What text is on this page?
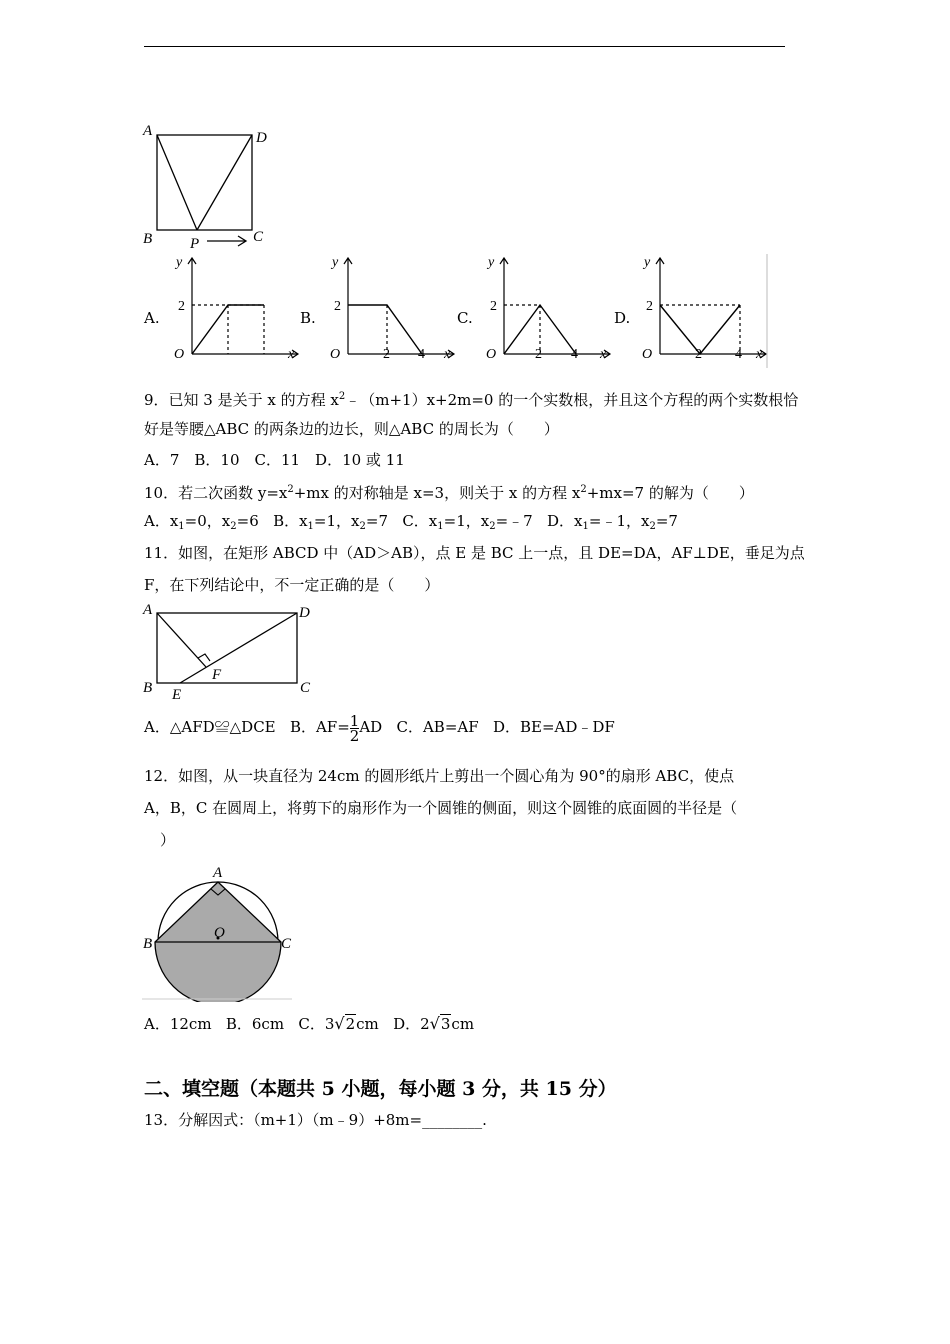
A	D
B	P	C
A.
y
2
O	x
B.
y
2
O	2 4 x
C.
y
2
O	2 4 x
D.
y
2
O	2 4 x
9．已知 3 是关于 x 的方程 $x^2﹣(m+1)x+2m=0$ 的一个实数根，并且这个方程的两个实数根恰
好是等腰△ABC 的两条边的边长，则△ABC 的周长为（　　）
A．7　B．10　C．11　D．10 或 11
10．若二次函数 $y=x^2+mx$ 的对称轴是 x=3，则关于 x 的方程 $x^2+mx=7$ 的解为（　　）
A．$x_1=0$，$x_2=6$ B．$x_1=1$，$x_2=7$ C．$x_1=1$，$x_2=﹣7$ D．$x_1=﹣1$，$x_2=7$
11．如图，在矩形 ABCD 中（AD＞AB），点 E 是 BC 上一点，且 DE=DA，AF⊥DE，垂足为点
F，在下列结论中，不一定正确的是（　　）
A	D
B E
F
C
A．△AFD≌△DCE B．$AF= \frac{1}{2}$ AD C．AB=AF D．BE=AD﹣DF
12．如图，从一块直径为 24cm 的圆形纸片上剪出一个圆心角为 90°的扇形 ABC，使点
A，B，C 在圆周上，将剪下的扇形作为一个圆锥的侧面，则这个圆锥的底面圆的半径是（
）
A
B
O
C
A．12cm B．6cm C．3√2cm D．2√3cm
二、填空题（本题共 5 小题，每小题 3 分，共 15 分）
13．分解因式：（m+1）（m﹣9）+8m=________.
